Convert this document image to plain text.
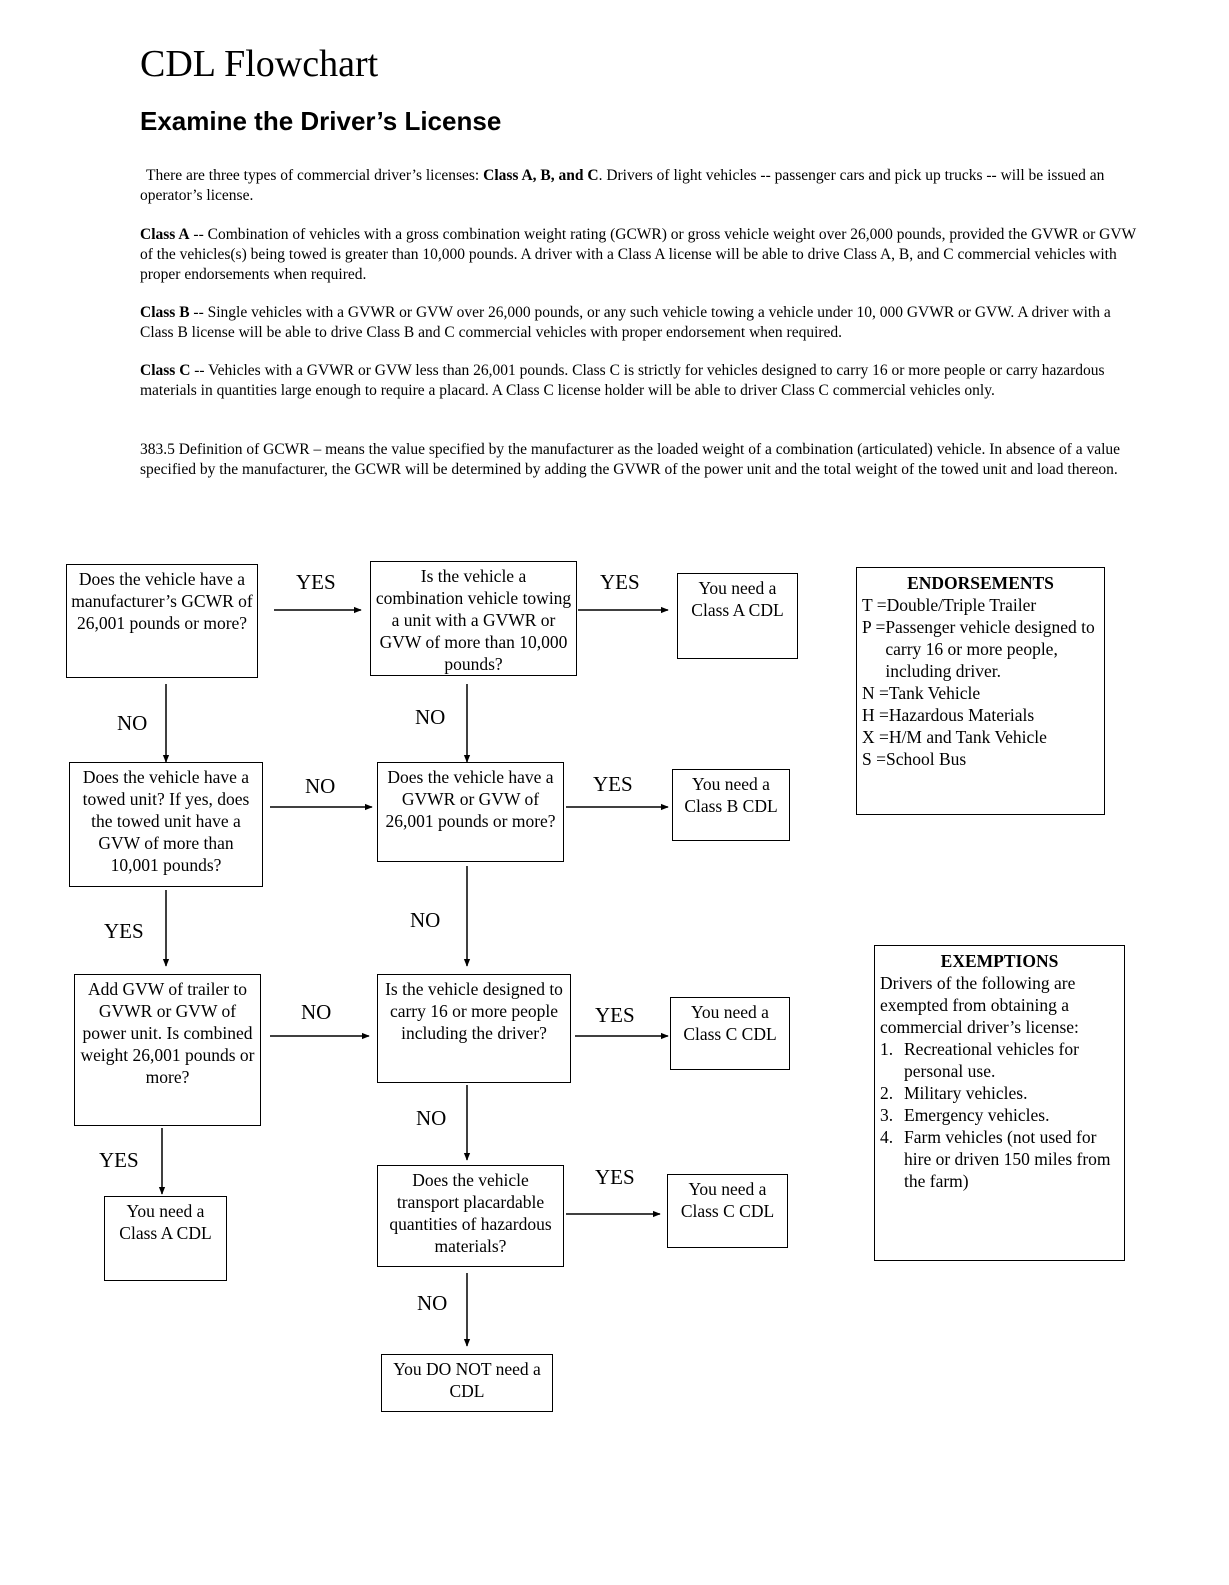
CDL Flowchart
Examine the Driver’s License
There are three types of commercial driver’s licenses: Class A, B, and C. Drivers of light vehicles -- passenger cars and pick up trucks -- will be issued an operator’s license.
Class A -- Combination of vehicles with a gross combination weight rating (GCWR) or gross vehicle weight over 26,000 pounds, provided the GVWR or GVW of the vehicles(s) being towed is greater than 10,000 pounds. A driver with a Class A license will be able to drive Class A, B, and C commercial vehicles with proper endorsements when required.
Class B -- Single vehicles with a GVWR or GVW over 26,000 pounds, or any such vehicle towing a vehicle under 10, 000 GVWR or GVW. A driver with a Class B license will be able to drive Class B and C commercial vehicles with proper endorsement when required.
Class C -- Vehicles with a GVWR or GVW less than 26,001 pounds. Class C is strictly for vehicles designed to carry 16 or more people or carry hazardous materials in quantities large enough to require a placard. A Class C license holder will be able to driver Class C commercial vehicles only.
383.5 Definition of GCWR – means the value specified by the manufacturer as the loaded weight of a combination (articulated) vehicle. In absence of a value specified by the manufacturer, the GCWR will be determined by adding the GVWR of the power unit and the total weight of the towed unit and load thereon.
Does the vehicle have a manufacturer’s GCWR of 26,001 pounds or more?
Is the vehicle a combination vehicle towing a unit with a GVWR or GVW of more than 10,000 pounds?
You need a Class A CDL
Does the vehicle have a towed unit? If yes, does the towed unit have a GVW of more than 10,001 pounds?
Does the vehicle have a GVWR or GVW of 26,001 pounds or more?
You need a Class B CDL
Add GVW of trailer to GVWR or GVW of power unit. Is combined weight 26,001 pounds or more?
Is the vehicle designed to carry 16 or more people including the driver?
You need a Class C CDL
You need a Class A CDL
Does the vehicle transport placardable quantities of hazardous materials?
You need a Class C CDL
You DO NOT need a CDL
YES	YES
NO	NO
NO	YES
YES	NO
NO	YES
NO
YES
YES
NO
ENDORSEMENTS
T = Double/Triple Trailer
P = Passenger vehicle designed to carry 16 or more people, including driver.
N = Tank Vehicle
H = Hazardous Materials
X = H/M and Tank Vehicle
S = School Bus
EXEMPTIONS
Drivers of the following are exempted from obtaining a commercial driver’s license:
1. Recreational vehicles for personal use.
2. Military vehicles.
3. Emergency vehicles.
4. Farm vehicles (not used for hire or driven 150 miles from the farm)
